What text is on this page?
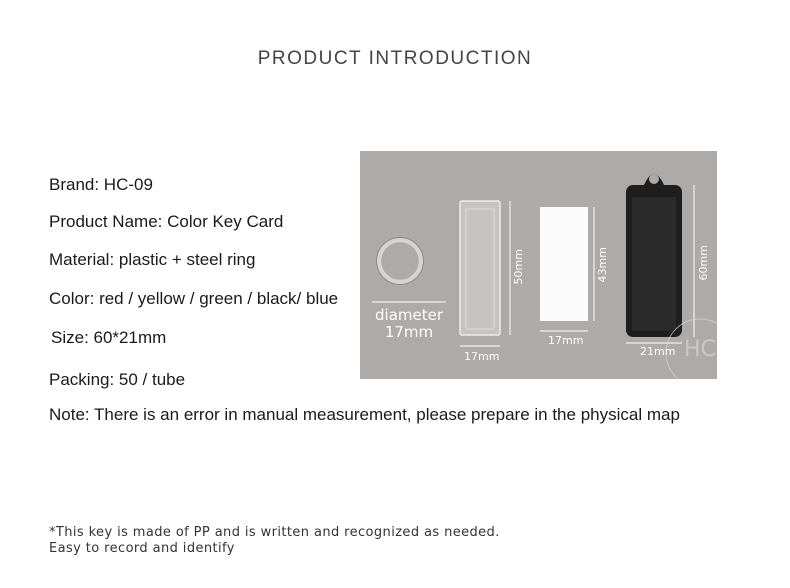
PRODUCT INTRODUCTION
Brand: HC-09
Product Name: Color Key Card
Material: plastic + steel ring
Color: red / yellow / green / black/ blue
Size: 60*21mm
Packing: 50 / tube
diameter
17mm
50mm
17mm
43mm
17mm
60mm
21mm HC
Note: There is an error in manual measurement, please prepare in the physical map
*This key is made of PP and is written and recognized as needed.
Easy to record and identify
